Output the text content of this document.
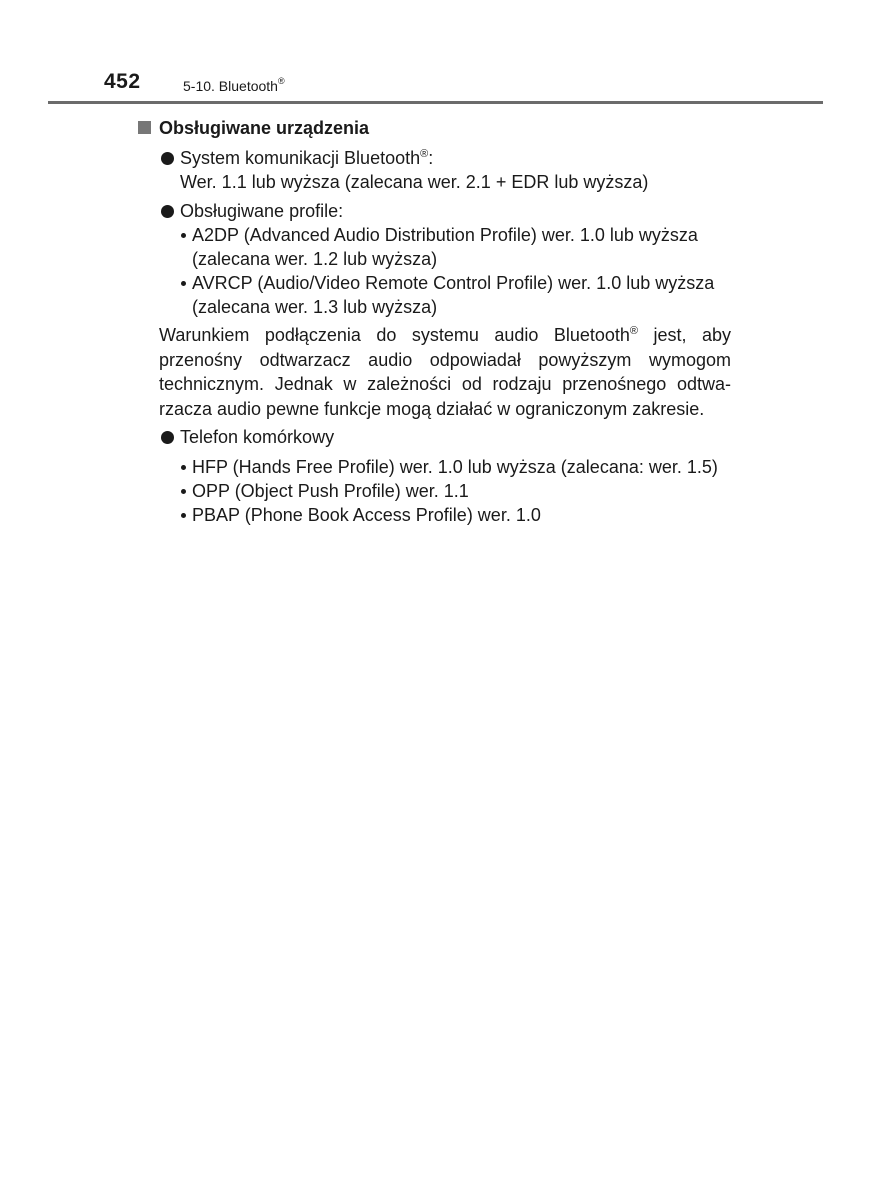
452	5-10. Bluetooth®
Obsługiwane urządzenia
System komunikacji Bluetooth®:
Wer. 1.1 lub wyższa (zalecana wer. 2.1 + EDR lub wyższa)
Obsługiwane profile:
A2DP (Advanced Audio Distribution Profile) wer. 1.0 lub wyższa
(zalecana wer. 1.2 lub wyższa)
AVRCP (Audio/Video Remote Control Profile) wer. 1.0 lub wyższa
(zalecana wer. 1.3 lub wyższa)
Warunkiem podłączenia do systemu audio Bluetooth® jest, aby przenośny odtwarzacz audio odpowiadał powyższym wymogom technicznym. Jednak w zależności od rodzaju przenośnego odtwa-rzacza audio pewne funkcje mogą działać w ograniczonym zakresie.
Telefon komórkowy
HFP (Hands Free Profile) wer. 1.0 lub wyższa (zalecana: wer. 1.5)
OPP (Object Push Profile) wer. 1.1
PBAP (Phone Book Access Profile) wer. 1.0
